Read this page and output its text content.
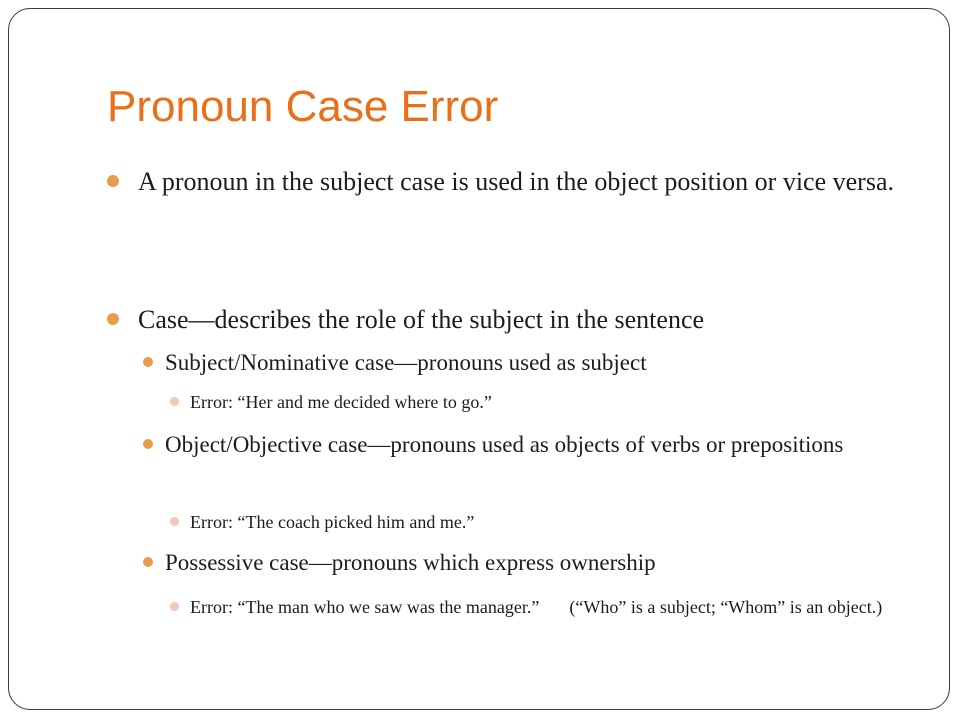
Pronoun Case Error

A pronoun in the subject case is used in the object position or vice versa.

Case—describes the role of the subject in the sentence

Subject/Nominative case—pronouns used as subject

Error: “Her and me decided where to go.”

Object/Objective case—pronouns used as objects of verbs or prepositions

Error: “The coach picked him and me.”

Possessive case—pronouns which express ownership

Error: “The man who we saw was the manager.” (“Who” is a subject; “Whom” is an object.)
